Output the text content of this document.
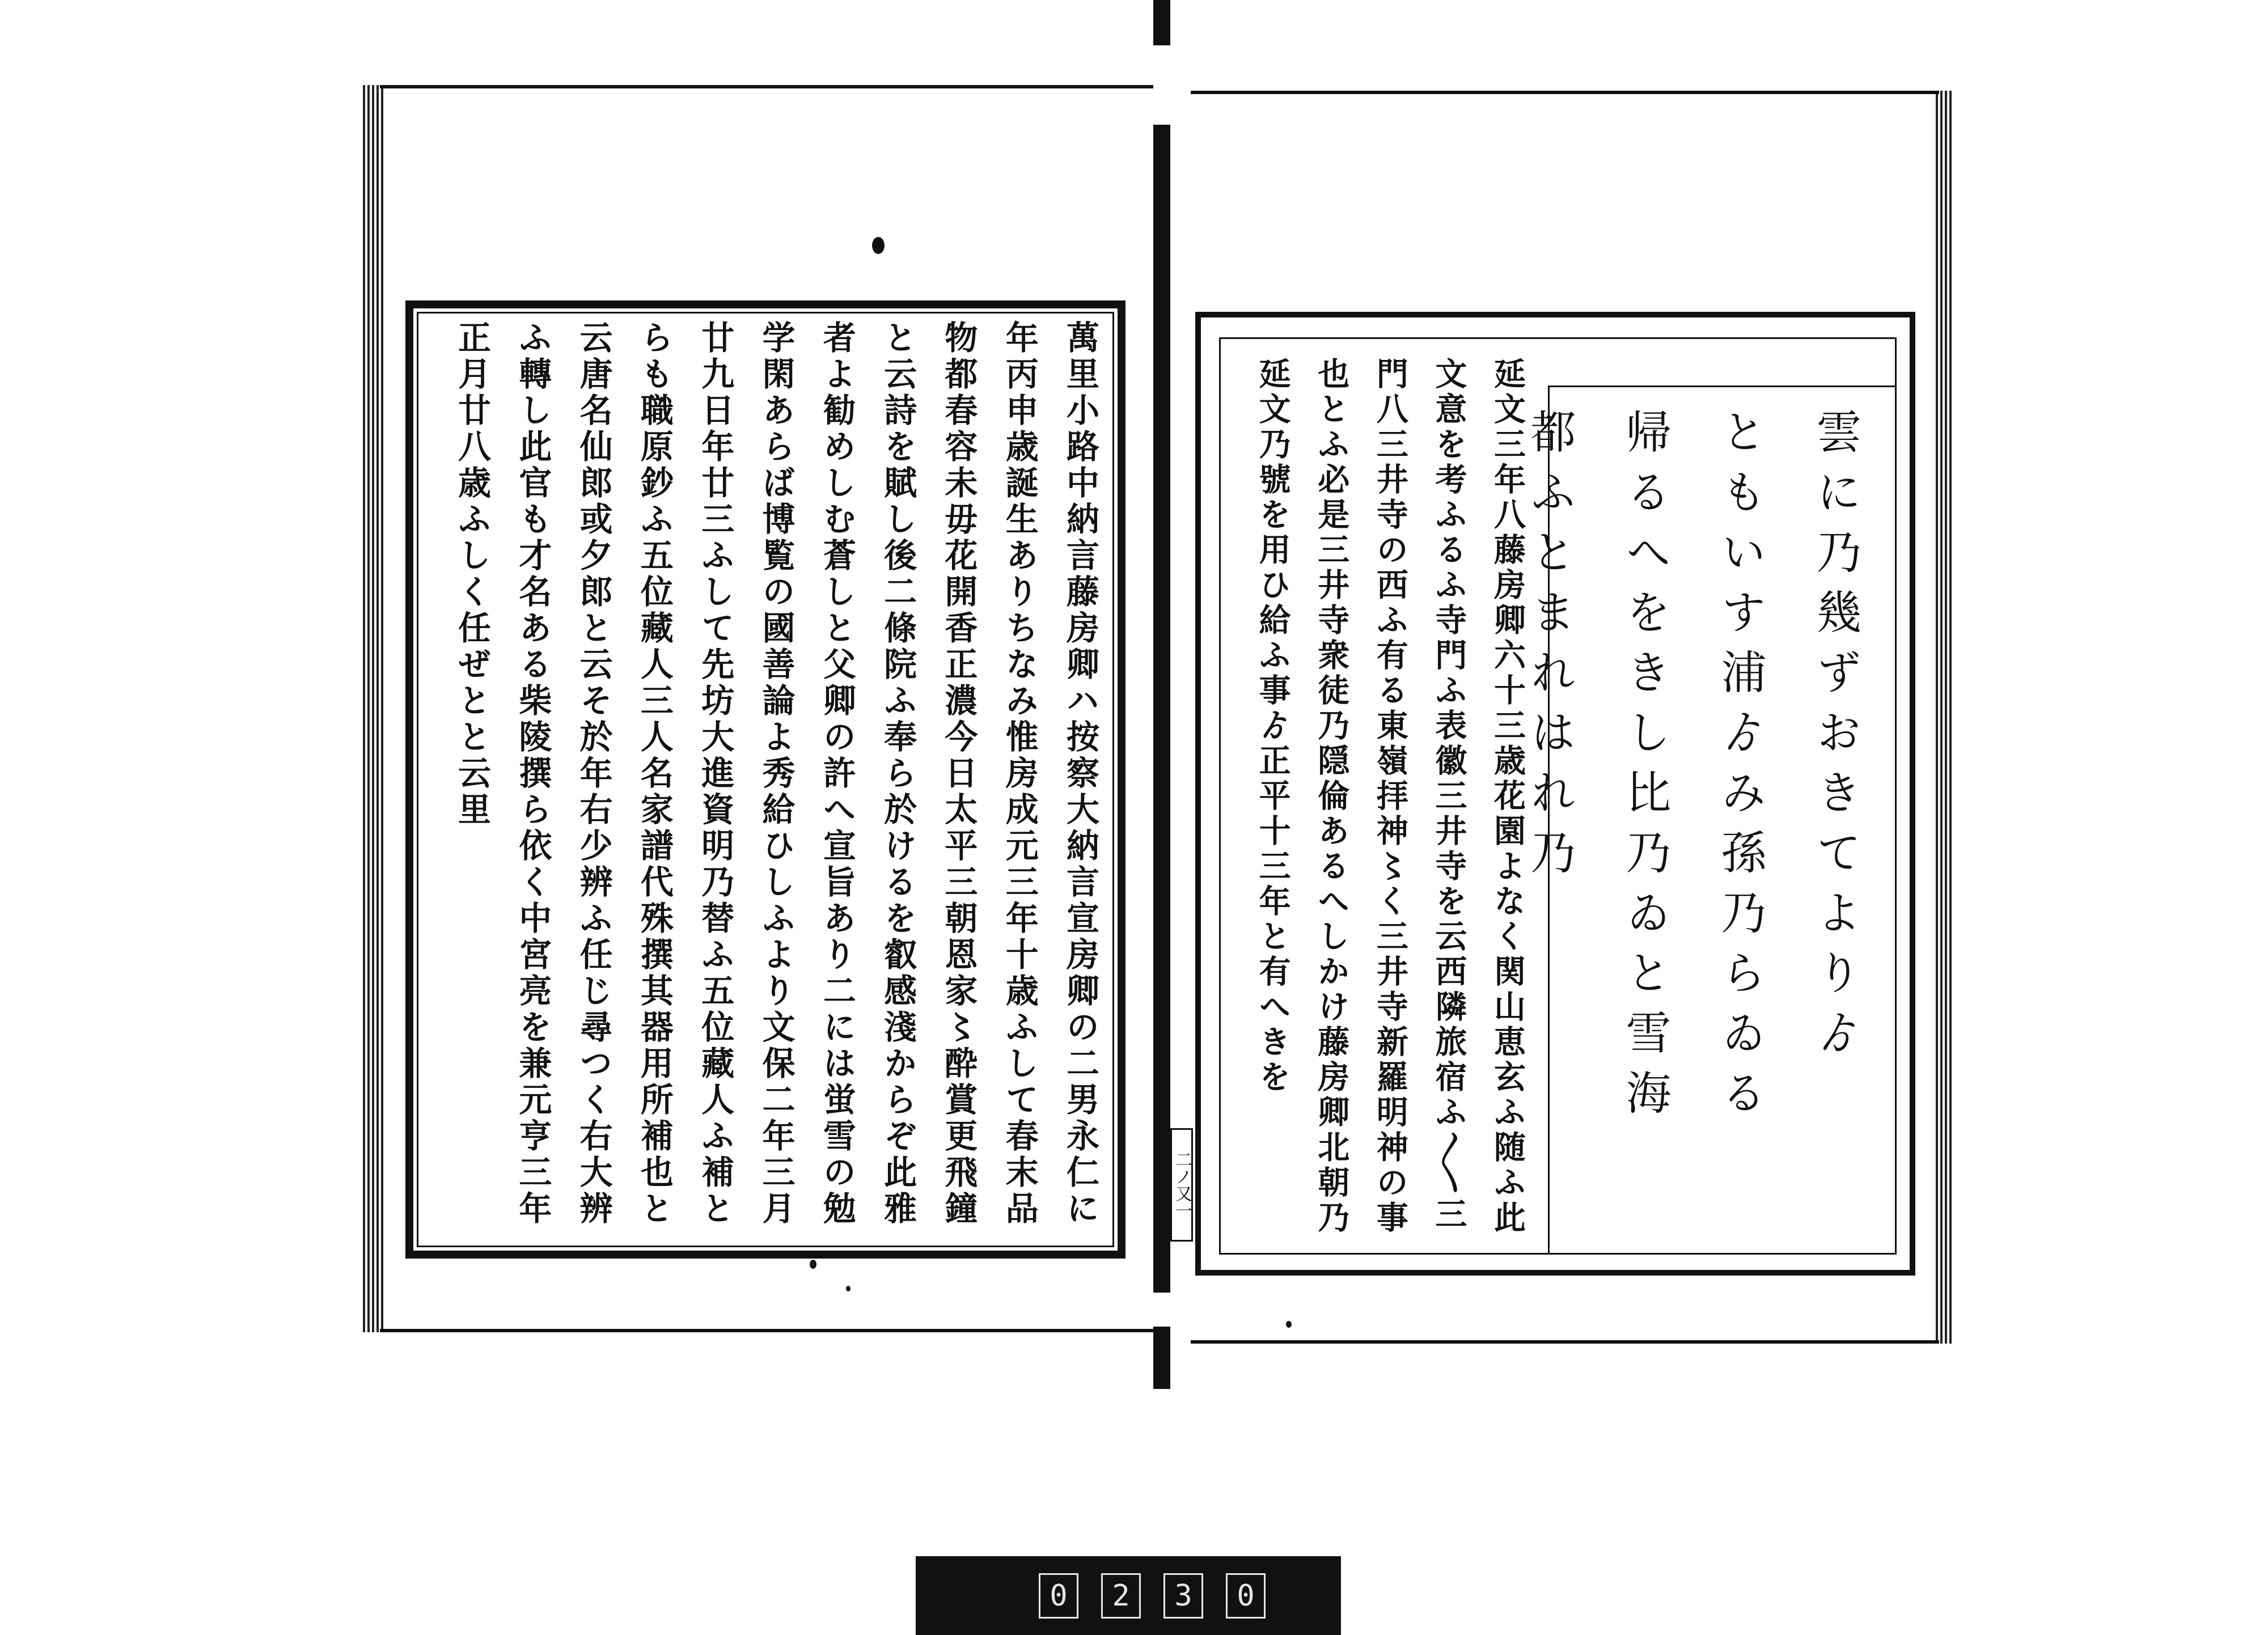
萬里小路中納言藤房卿ハ按察大納言宣房卿の二男永仁に年丙申歳誕生ありちなみ惟房成元三年十歳ふして春末品物都春容未毋花開香正濃今日太平三朝恩家〻酔賞更飛鐘と云詩を賦し後二條院ふ奉ら於けるを叡感淺からぞ此雅者よ勧めしむ蒼しと父卿の許へ宣旨あり二には蛍雪の勉学閑あらば博覧の國善論よ秀給ひしふより文保二年三月廿九日年廿三ふして先坊大進資明乃替ふ五位藏人ふ補とらも職原鈔ふ五位藏人三人名家譜代殊撰其器用所補也と云唐名仙郎或夕郎と云そ於年右少辨ふ任じ尋つく右大辨ふ轉し此官も才名ある柴陵撰ら依く中宮亮を兼元亨三年正月廿八歳ふしく任ぜとと云里	延文三年八藤房卿六十三歳花園よなく関山恵玄ふ随ふ此文意を考ふるふ寺門ふ表徽三井寺を云西隣旅宿ふ〳〵三門八三井寺の西ふ有る東嶺拝神〻く三井寺新羅明神の事也とふ必是三井寺衆徒乃隠倫あるへしかけ藤房卿北朝乃延文乃號を用ひ給ふ事ゟ正平十三年と有へきを	雲に乃幾ずおきてよりゟ
ともいす浦ゟみ孫乃らゐる
帰るへをきし比乃ゐと雪海
都ふとまれはれ乃
二ノ又一
0	2	3	0
